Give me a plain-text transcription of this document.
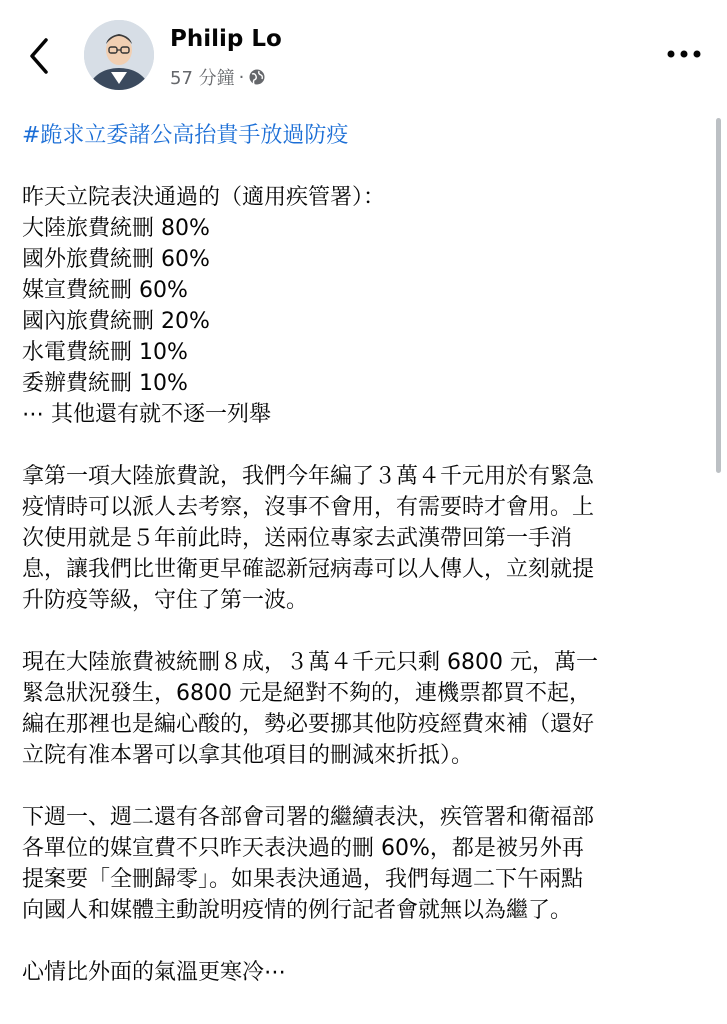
Philip Lo
57 分鐘 ·

#跪求立委諸公高抬貴手放過防疫

昨天立院表決通過的（適用疾管署）：

大陸旅費統刪 80%

國外旅費統刪 60%

媒宣費統刪 60%

國內旅費統刪 20%

水電費統刪 10%

委辦費統刪 10%

⋯ 其他還有就不逐一列舉

拿第一項大陸旅費說，我們今年編了３萬４千元用於有緊急

疫情時可以派人去考察，沒事不會用，有需要時才會用。上

次使用就是５年前此時，送兩位專家去武漢帶回第一手消

息，讓我們比世衛更早確認新冠病毒可以人傳人，立刻就提

升防疫等級，守住了第一波。

現在大陸旅費被統刪８成，３萬４千元只剩 6800 元，萬一

緊急狀況發生，6800 元是絕對不夠的，連機票都買不起，

編在那裡也是編心酸的，勢必要挪其他防疫經費來補（還好

立院有准本署可以拿其他項目的刪減來折抵）。

下週一、週二還有各部會司署的繼續表決，疾管署和衛福部

各單位的媒宣費不只昨天表決過的刪 60%，都是被另外再

提案要「全刪歸零」。如果表決通過，我們每週二下午兩點

向國人和媒體主動說明疫情的例行記者會就無以為繼了。

心情比外面的氣溫更寒冷⋯
